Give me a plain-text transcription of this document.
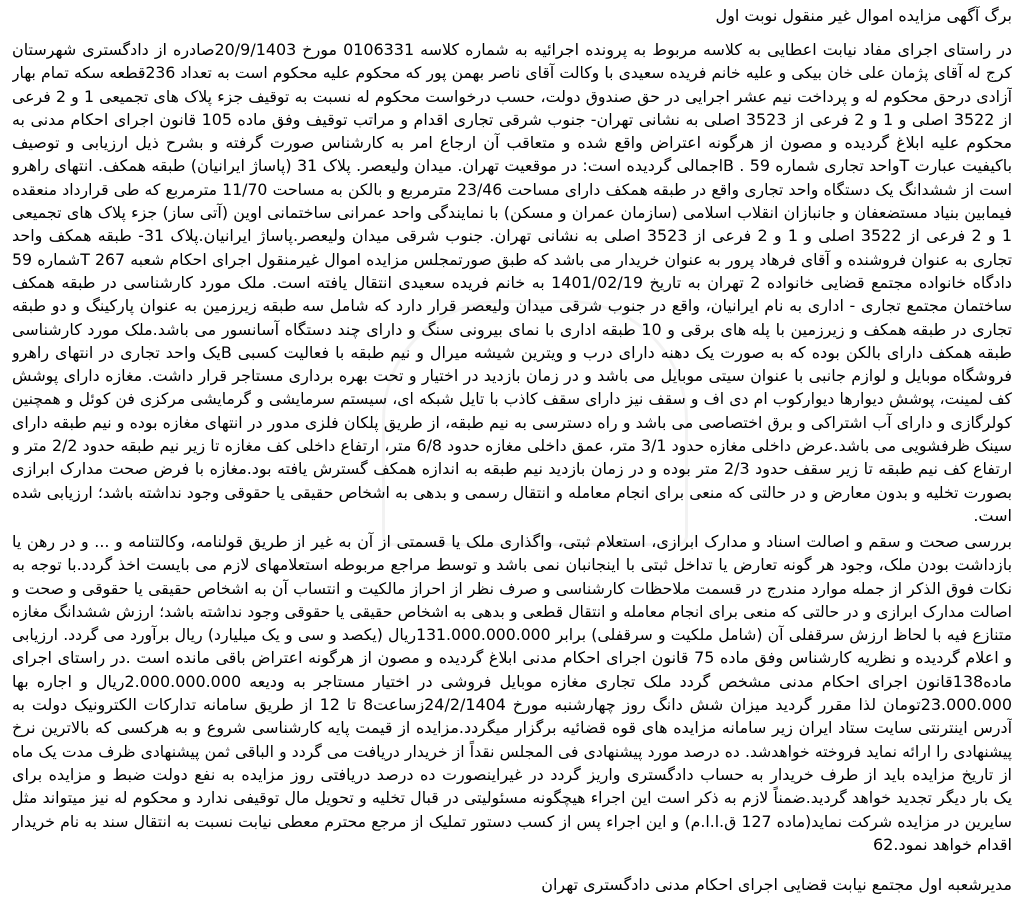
برگ آگهی مزایده اموال غیر منقول نوبت اول
در راستای اجرای مفاد نیابت اعطایی به کلاسه مربوط به پرونده اجرائیه به شماره کلاسه 0106331 مورخ 20/9/1403صادره از دادگستری شهرستان
کرج له آقای پژمان علی خان بیکی و علیه خانم فریده سعیدی با وکالت آقای ناصر بهمن پور که محکوم علیه محکوم است به تعداد 236قطعه سکه تمام بهار
آزادی درحق محکوم له و پرداخت نیم عشر اجرایی در حق صندوق دولت، حسب درخواست محکوم له نسبت به توقیف جزء پلاک های تجمیعی 1 و 2 فرعی
از 3522 اصلی و 1 و 2 فرعی از 3523 اصلی به نشانی تهران- جنوب شرقی تجاری اقدام و مراتب توقیف وفق ماده 105 قانون اجرای احکام مدنی به
محکوم علیه ابلاغ گردیده و مصون از هرگونه اعتراض واقع شده و متعاقب آن ارجاع امر به کارشناس صورت گرفته و بشرح ذیل ارزیابی و توصیف
باکیفیت عبارت Tواحد تجاری شماره 59 . Bاجمالی گردیده است: در موقعیت تهران. میدان ولیعصر. پلاک 31 (پاساژ ایرانیان) طبقه همکف. انتهای راهرو
است از ششدانگ یک دستگاه واحد تجاری واقع در طبقه همکف دارای مساحت 23/46 مترمربع و بالکن به مساحت 11/70 مترمربع که طی قرارداد منعقده
فیمابین بنیاد مستضعفان و جانبازان انقلاب اسلامی (سازمان عمران و مسکن) با نمایندگی واحد عمرانی ساختمانی اوین (آتی ساز) جزء پلاک های تجمیعی
1 و 2 فرعی از 3522 اصلی و 1 و 2 فرعی از 3523 اصلی به نشانی تهران. جنوب شرقی میدان ولیعصر.پاساژ ایرانیان.پلاک 31- طبقه همکف واحد
تجاری به عنوان فروشنده و آقای فرهاد پرور به عنوان خریدار می باشد که طبق صورتمجلس مزایده اموال غیرمنقول اجرای احکام شعبه 267 Tشماره 59
دادگاه خانواده مجتمع قضایی خانواده 2 تهران به تاریخ 1401/02/19 به خانم فریده سعیدی انتقال یافته است. ملک مورد کارشناسی در طبقه همکف
ساختمان مجتمع تجاری - اداری به نام ایرانیان، واقع در جنوب شرقی میدان ولیعصر قرار دارد که شامل سه طبقه زیرزمین به عنوان پارکینگ و دو طبقه
تجاری در طبقه همکف و زیرزمین با پله های برقی و 10 طبقه اداری با نمای بیرونی سنگ و دارای چند دستگاه آسانسور می باشد.ملک مورد کارشناسی
طبقه همکف دارای بالکن بوده که به صورت یک دهنه دارای درب و ویترین شیشه میرال و نیم طبقه با فعالیت کسبی Bیک واحد تجاری در انتهای راهرو
فروشگاه موبایل و لوازم جانبی با عنوان سیتی موبایل می باشد و در زمان بازدید در اختیار و تحت بهره برداری مستاجر قرار داشت. مغازه دارای پوشش
کف لمینت، پوشش دیوارها دیوارکوب ام دی اف و سقف نیز دارای سقف کاذب با تایل شبکه ای، سیستم سرمایشی و گرمایشی مرکزی فن کوئل و همچنین
کولرگازی و دارای آب اشتراکی و برق اختصاصی می باشد و راه دسترسی به نیم طبقه، از طریق پلکان فلزی مدور در انتهای مغازه بوده و نیم طبقه دارای
سینک ظرفشویی می باشد.عرض داخلی مغازه حدود 3/1 متر، عمق داخلی مغازه حدود 6/8 متر، ارتفاع داخلی کف مغازه تا زیر نیم طبقه حدود 2/2 متر و
ارتفاع کف نیم طبقه تا زیر سقف حدود 2/3 متر بوده و در زمان بازدید نیم طبقه به اندازه همکف گسترش یافته بود.مغازه با فرض صحت مدارک ابرازی
بصورت تخلیه و بدون معارض و در حالتی که منعی برای انجام معامله و انتقال رسمی و بدهی به اشخاص حقیقی یا حقوقی وجود نداشته باشد؛ ارزیابی شده
است.
بررسی صحت و سقم و اصالت اسناد و مدارک ابرازی، استعلام ثبتی، واگذاری ملک یا قسمتی از آن به غیر از طریق قولنامه، وکالتنامه و ... و در رهن یا
بازداشت بودن ملک، وجود هر گونه تعارض یا تداخل ثبتی با اینجانبان نمی باشد و توسط مراجع مربوطه استعلامهای لازم می بایست اخذ گردد.با توجه به
نکات فوق الذکر از جمله موارد مندرج در قسمت ملاحظات کارشناسی و صرف نظر از احراز مالکیت و انتساب آن به اشخاص حقیقی یا حقوقی و صحت و
اصالت مدارک ابرازی و در حالتی که منعی برای انجام معامله و انتقال قطعی و بدهی به اشخاص حقیقی یا حقوقی وجود نداشته باشد؛ ارزش ششدانگ مغازه
متنازع فیه با لحاظ ارزش سرقفلی آن (شامل ملکیت و سرقفلی) برابر 131.000.000.000ریال (یکصد و سی و یک میلیارد) ریال برآورد می گردد. ارزیابی
و اعلام گردیده و نظریه کارشناس وفق ماده 75 قانون اجرای احکام مدنی ابلاغ گردیده و مصون از هرگونه اعتراض باقی مانده است .در راستای اجرای
ماده138قانون اجرای احکام مدنی مشخص گردد ملک تجاری مغازه موبایل فروشی در اختیار مستاجر به ودیعه 2.000.000.000ریال و اجاره بها
23.000.000تومان لذا مقرر گردید میزان شش دانگ روز چهارشنبه مورخ 24/2/1404زساعت8 تا 12 از طریق سامانه تدارکات الکترونیک دولت به
آدرس اینترنتی سایت ستاد ایران زیر سامانه مزایده های قوه قضائیه برگزار میگردد.مزایده از قیمت پایه کارشناسی شروع و به هرکسی که بالاترین نرخ
پیشنهادی را ارائه نماید فروخته خواهدشد. ده درصد مورد پیشنهادی فی المجلس نقداً از خریدار دریافت می گردد و الباقی ثمن پیشنهادی ظرف مدت یک ماه
از تاریخ مزایده باید از طرف خریدار به حساب دادگستری واریز گردد در غیراینصورت ده درصد دریافتی روز مزایده به نفع دولت ضبط و مزایده برای
یک بار دیگر تجدید خواهد گردید.ضمناً لازم به ذکر است این اجراء هیچگونه مسئولیتی در قبال تخلیه و تحویل مال توقیفی ندارد و محکوم له نیز میتواند مثل
سایرین در مزایده شرکت نماید(ماده 127 ق.ا.ا.م) و این اجراء پس از کسب دستور تملیک از مرجع محترم معطی نیابت نسبت به انتقال سند به نام خریدار
اقدام خواهد نمود.62
مدیرشعبه اول مجتمع نیابت قضایی اجرای احکام مدنی دادگستری تهران
